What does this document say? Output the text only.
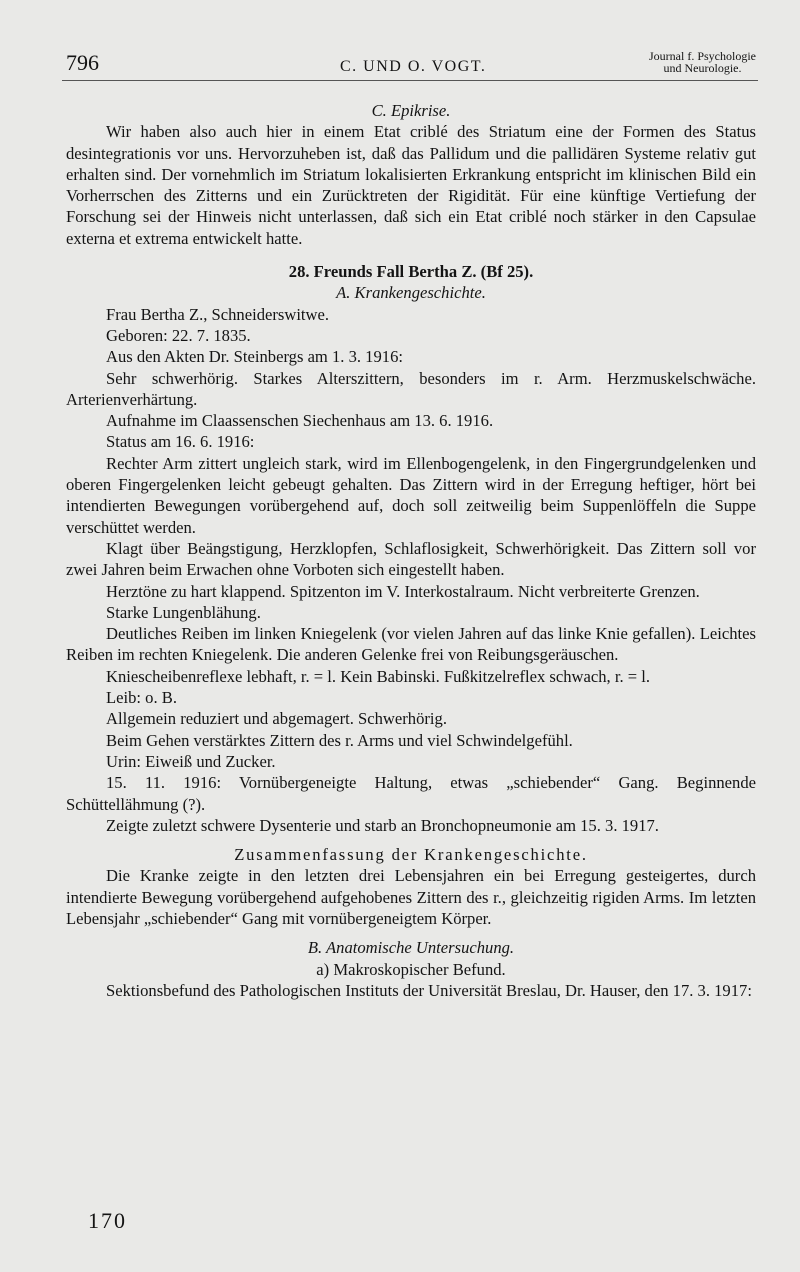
796	C. UND O. VOGT.
Journal f. Psychologie
und Neurologie.

C. Epikrise.

Wir haben also auch hier in einem Etat criblé des Striatum eine der Formen des Status desintegrationis vor uns. Hervorzuheben ist, daß das Pallidum und die pallidären Systeme relativ gut erhalten sind. Der vornehmlich im Striatum lokalisierten Erkrankung entspricht im klinischen Bild ein Vorherrschen des Zitterns und ein Zurücktreten der Rigidität. Für eine künftige Vertiefung der Forschung sei der Hinweis nicht unterlassen, daß sich ein Etat criblé noch stärker in den Capsulae externa et extrema entwickelt hatte.

28. Freunds Fall Bertha Z. (Bf 25).

A. Krankengeschichte.

Frau Bertha Z., Schneiderswitwe.

Geboren: 22. 7. 1835.

Aus den Akten Dr. Steinbergs am 1. 3. 1916:

Sehr schwerhörig. Starkes Alterszittern, besonders im r. Arm. Herzmuskelschwäche. Arterienverhärtung.

Aufnahme im Claassenschen Siechenhaus am 13. 6. 1916.

Status am 16. 6. 1916:

Rechter Arm zittert ungleich stark, wird im Ellenbogengelenk, in den Fingergrundgelenken und oberen Fingergelenken leicht gebeugt gehalten. Das Zittern wird in der Erregung heftiger, hört bei intendierten Bewegungen vorübergehend auf, doch soll zeitweilig beim Suppenlöffeln die Suppe verschüttet werden.

Klagt über Beängstigung, Herzklopfen, Schlaflosigkeit, Schwerhörigkeit. Das Zittern soll vor zwei Jahren beim Erwachen ohne Vorboten sich eingestellt haben.

Herztöne zu hart klappend. Spitzenton im V. Interkostalraum. Nicht verbreiterte Grenzen.

Starke Lungenblähung.

Deutliches Reiben im linken Kniegelenk (vor vielen Jahren auf das linke Knie gefallen). Leichtes Reiben im rechten Kniegelenk. Die anderen Gelenke frei von Reibungsgeräuschen.

Kniescheibenreflexe lebhaft, r. = l. Kein Babinski. Fußkitzelreflex schwach, r. = l.

Leib: o. B.

Allgemein reduziert und abgemagert. Schwerhörig.

Beim Gehen verstärktes Zittern des r. Arms und viel Schwindelgefühl.

Urin: Eiweiß und Zucker.

15. 11. 1916: Vornübergeneigte Haltung, etwas „schiebender“ Gang. Beginnende Schüttellähmung (?).

Zeigte zuletzt schwere Dysenterie und starb an Bronchopneumonie am 15. 3. 1917.

Zusammenfassung der Krankengeschichte.

Die Kranke zeigte in den letzten drei Lebensjahren ein bei Erregung gesteigertes, durch intendierte Bewegung vorübergehend aufgehobenes Zittern des r., gleichzeitig rigiden Arms. Im letzten Lebensjahr „schiebender“ Gang mit vornübergeneigtem Körper.

B. Anatomische Untersuchung.

a) Makroskopischer Befund.

Sektionsbefund des Pathologischen Instituts der Universität Breslau, Dr. Hauser, den 17. 3. 1917:

170
